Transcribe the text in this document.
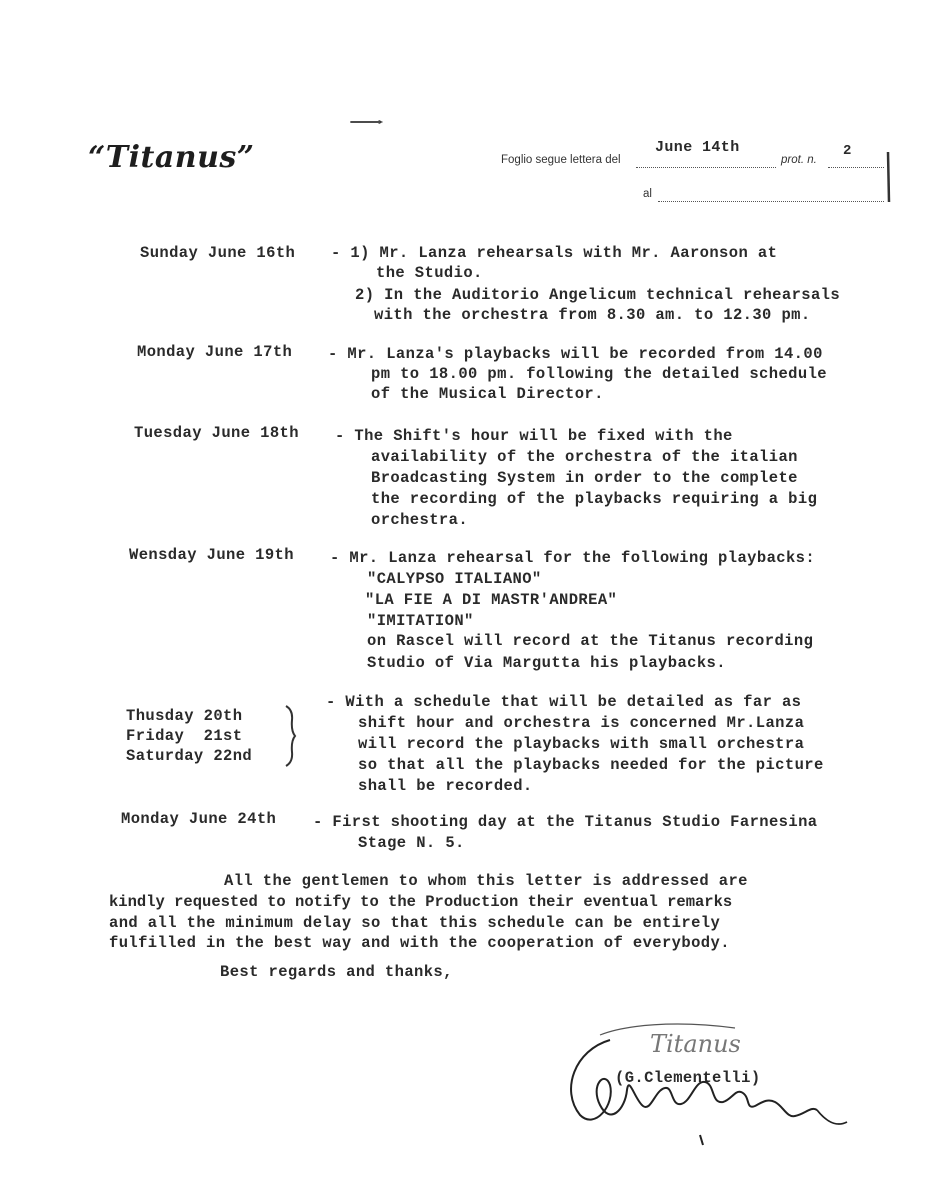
“Titanus”	Foglio segue lettera del
June 14th
prot. n.
2
al
Sunday June 16th - 1) Mr. Lanza rehearsals with Mr. Aaronson at
the Studio.
2) In the Auditorio Angelicum technical rehearsals
with the orchestra from 8.30 am. to 12.30 pm.
Monday June 17th - Mr. Lanza's playbacks will be recorded from 14.00
pm to 18.00 pm. following the detailed schedule
of the Musical Director.
Tuesday June 18th - The Shift's hour will be fixed with the
availability of the orchestra of the italian
Broadcasting System in order to the complete
the recording of the playbacks requiring a big
orchestra.
Wensday June 19th - Mr. Lanza rehearsal for the following playbacks:
"CALYPSO ITALIANO"
"LA FIE A DI MASTR'ANDREA"
"IMITATION"
on Rascel will record at the Titanus recording
Studio of Via Margutta his playbacks.
Thusday 20th
Friday  21st
Saturday 22nd
- With a schedule that will be detailed as far as
shift hour and orchestra is concerned Mr.Lanza
will record the playbacks with small orchestra
so that all the playbacks needed for the picture
shall be recorded.
Monday June 24th - First shooting day at the Titanus Studio Farnesina
Stage N. 5.
All the gentlemen to whom this letter is addressed are
kindly requested to notify to the Production their eventual remarks
and all the minimum delay so that this schedule can be entirely
fulfilled in the best way and with the cooperation of everybody.
Best regards and thanks,
Titanus
(G.Clementelli)
